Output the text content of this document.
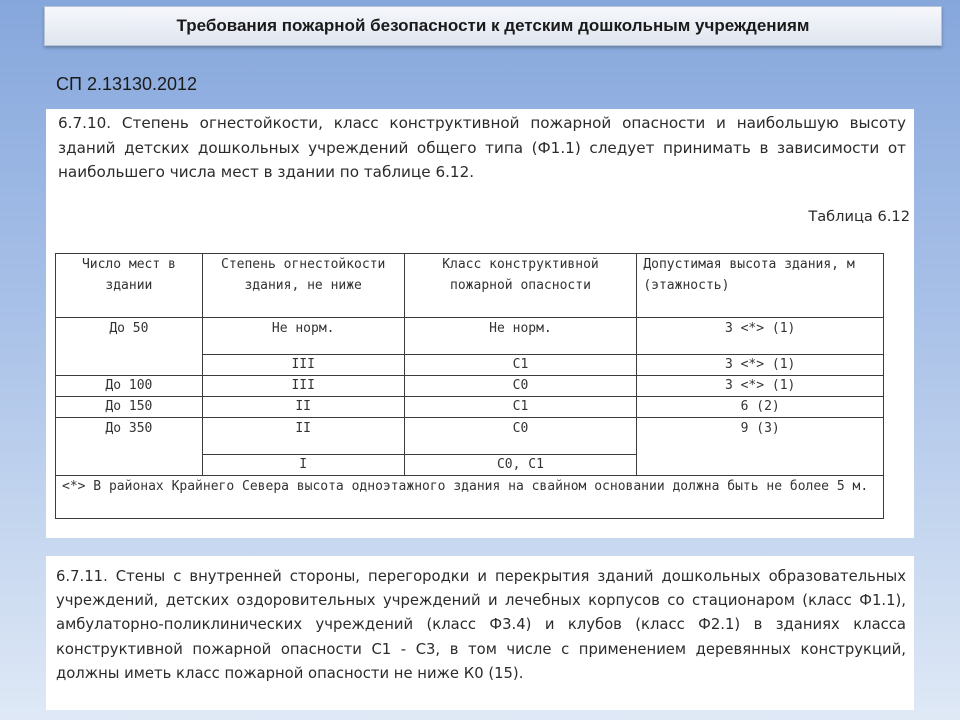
Требования пожарной безопасности к детским дошкольным учреждениям
СП 2.13130.2012

6.7.10. Степень огнестойкости, класс конструктивной пожарной опасности и наибольшую высоту зданий детских дошкольных учреждений общего типа (Ф1.1) следует принимать в зависимости от наибольшего числа мест в здании по таблице 6.12.

Таблица 6.12
Число мест в здании	Степень огнестойкости здания, не ниже	Класс конструктивной пожарной опасности	Допустимая высота здания, м (этажность)
До 50	Не норм.	Не норм.	3 <*> (1)
	III	С1	3 <*> (1)
До 100	III	С0	3 <*> (1)
До 150	II	С1	6 (2)
До 350	II	С0	9 (3)
	I	С0, С1	

<*> В районах Крайнего Севера высота одноэтажного здания на свайном основании должна быть не более 5 м.			

6.7.11. Стены с внутренней стороны, перегородки и перекрытия зданий дошкольных образовательных учреждений, детских оздоровительных учреждений и лечебных корпусов со стационаром (класс Ф1.1), амбулаторно-поликлинических учреждений (класс Ф3.4) и клубов (класс Ф2.1) в зданиях класса конструктивной пожарной опасности С1 - С3, в том числе с применением деревянных конструкций, должны иметь класс пожарной опасности не ниже К0 (15).
